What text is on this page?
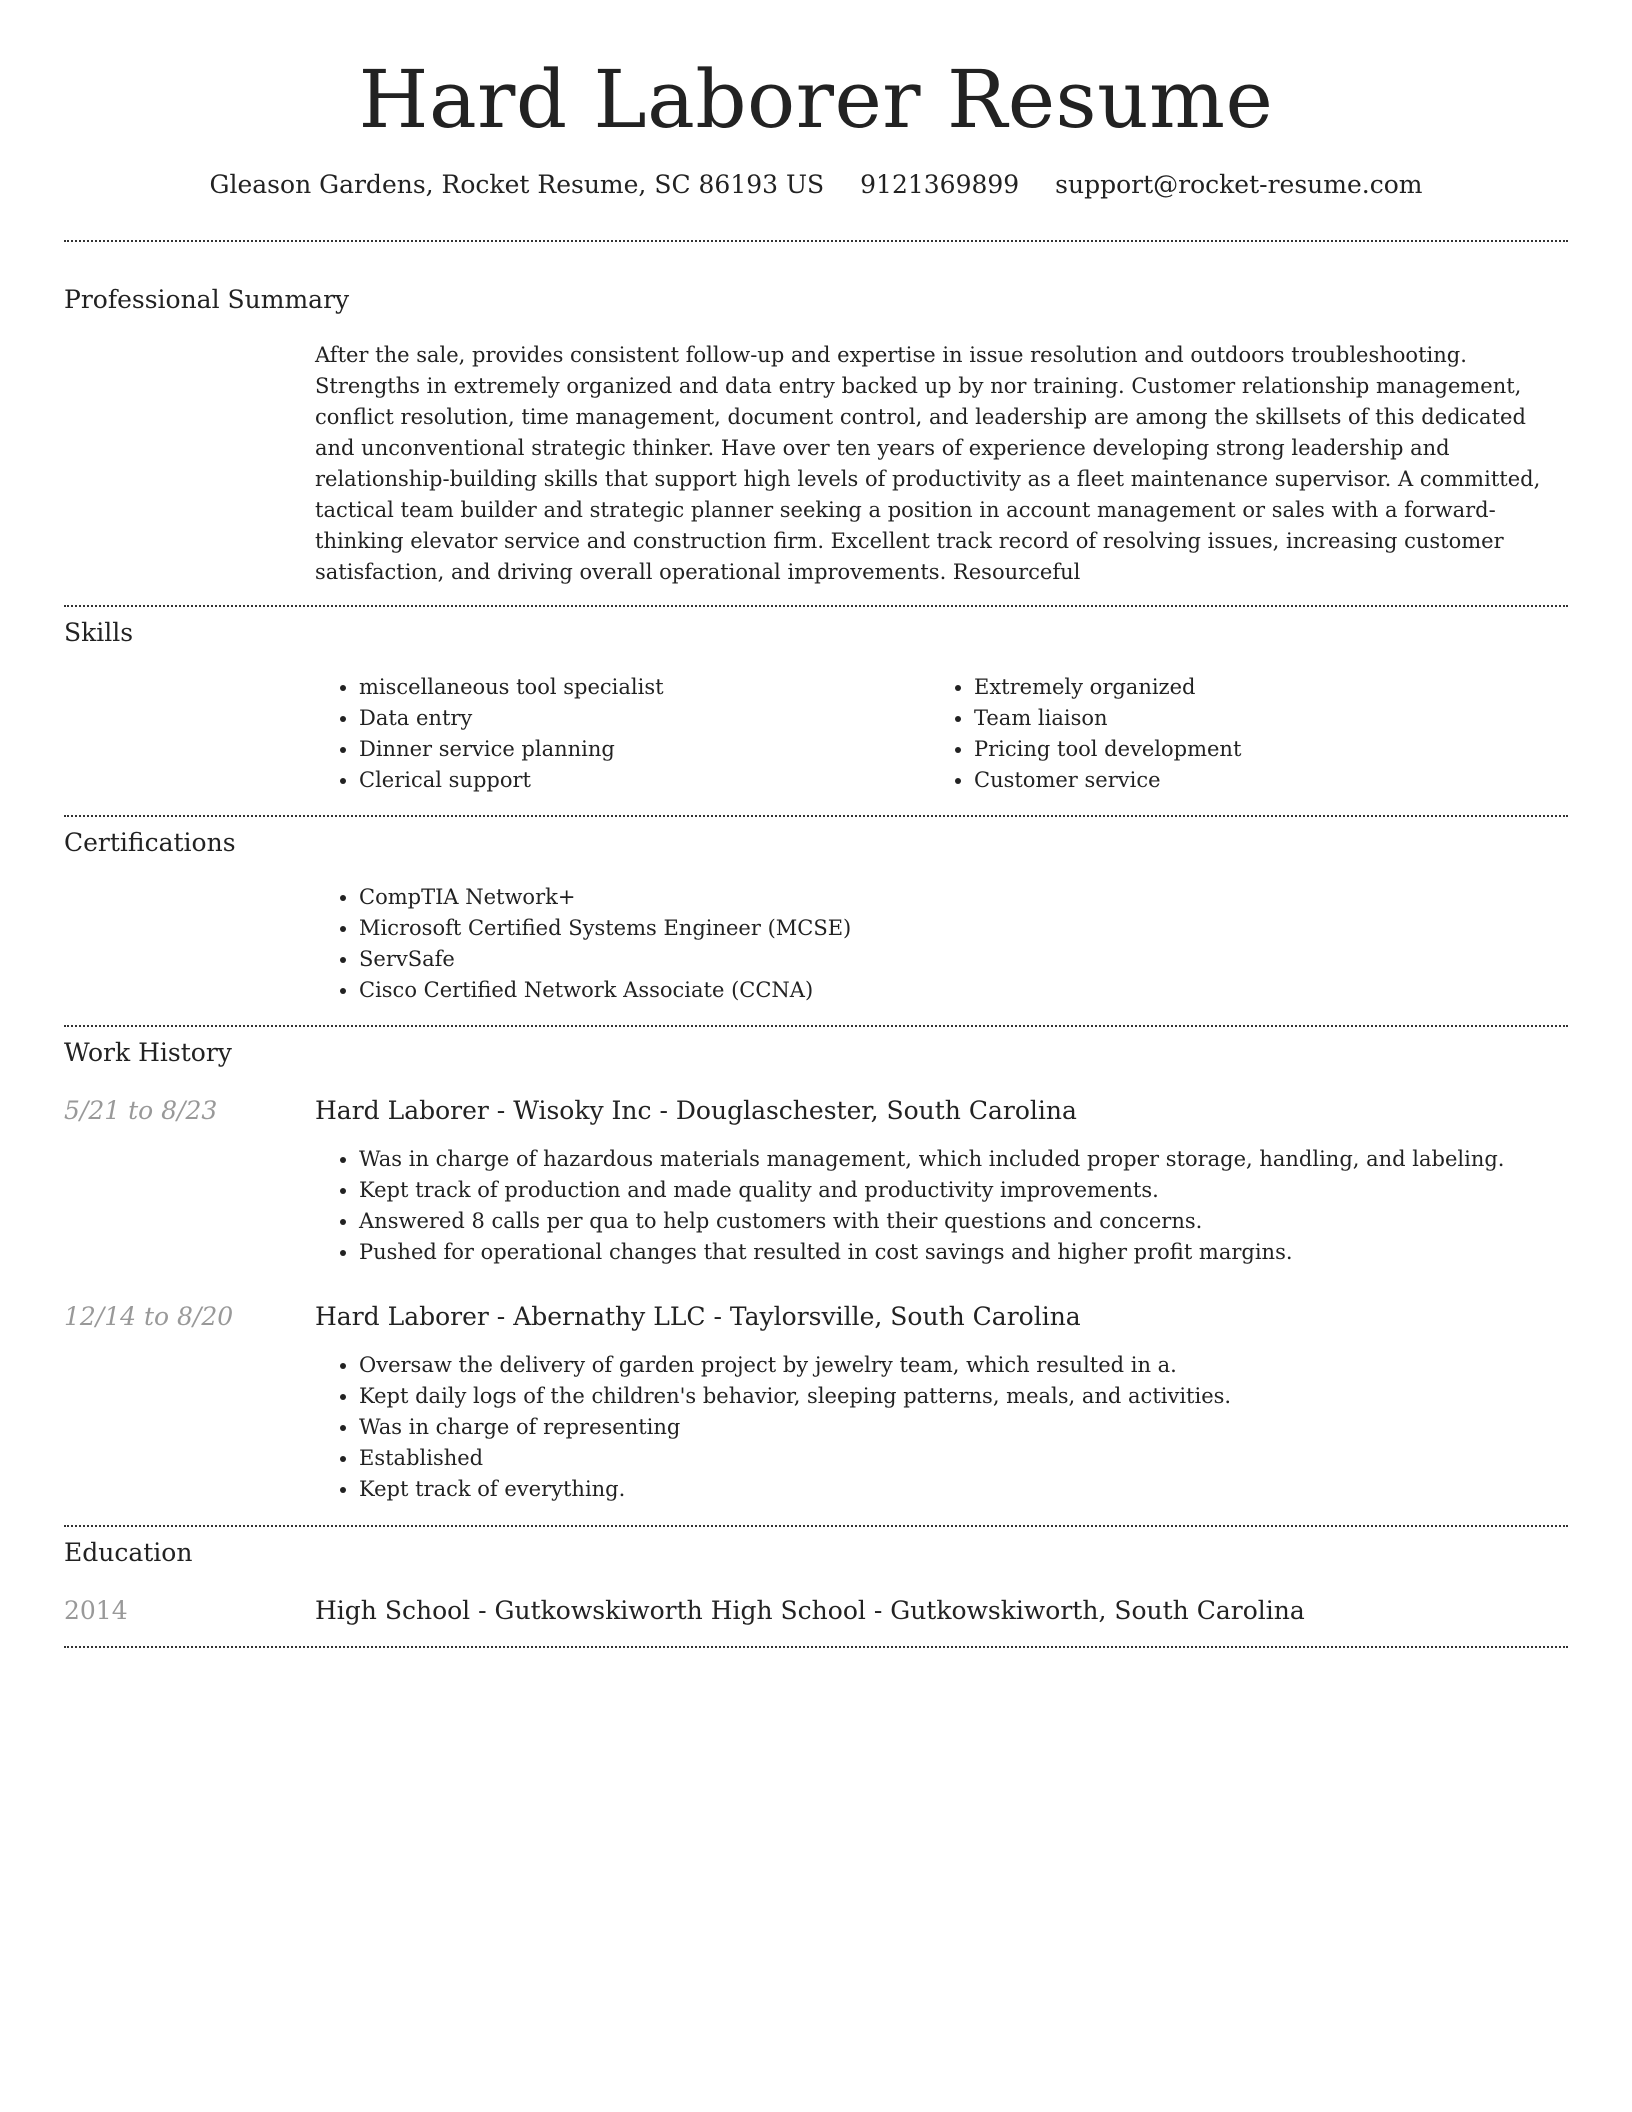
Hard Laborer Resume
Gleason Gardens, Rocket Resume, SC 86193 US 9121369899 support@rocket-resume.com
Professional Summary

After the sale, provides consistent follow-up and expertise in issue resolution and outdoors troubleshooting. Strengths in extremely organized and data entry backed up by nor training. Customer relationship management, conflict resolution, time management, document control, and leadership are among the skillsets of this dedicated and unconventional strategic thinker. Have over ten years of experience developing strong leadership and relationship-building skills that support high levels of productivity as a fleet maintenance supervisor. A committed, tactical team builder and strategic planner seeking a position in account management or sales with a forward-thinking elevator service and construction firm. Excellent track record of resolving issues, increasing customer satisfaction, and driving overall operational improvements. Resourceful

Skills
• miscellaneous tool specialist
• Data entry
• Dinner service planning
• Clerical support
• Extremely organized
• Team liaison
• Pricing tool development
• Customer service
Certifications
• CompTIA Network+
• Microsoft Certified Systems Engineer (MCSE)
• ServSafe
• Cisco Certified Network Associate (CCNA)
Work History
5/21 to 8/23	Hard Laborer - Wisoky Inc - Douglaschester, South Carolina
• Was in charge of hazardous materials management, which included proper storage, handling, and labeling.
• Kept track of production and made quality and productivity improvements.
• Answered 8 calls per qua to help customers with their questions and concerns.
• Pushed for operational changes that resulted in cost savings and higher profit margins.
12/14 to 8/20	Hard Laborer - Abernathy LLC - Taylorsville, South Carolina
• Oversaw the delivery of garden project by jewelry team, which resulted in a.
• Kept daily logs of the children's behavior, sleeping patterns, meals, and activities.
• Was in charge of representing
• Established
• Kept track of everything.
Education
2014	High School - Gutkowskiworth High School - Gutkowskiworth, South Carolina
